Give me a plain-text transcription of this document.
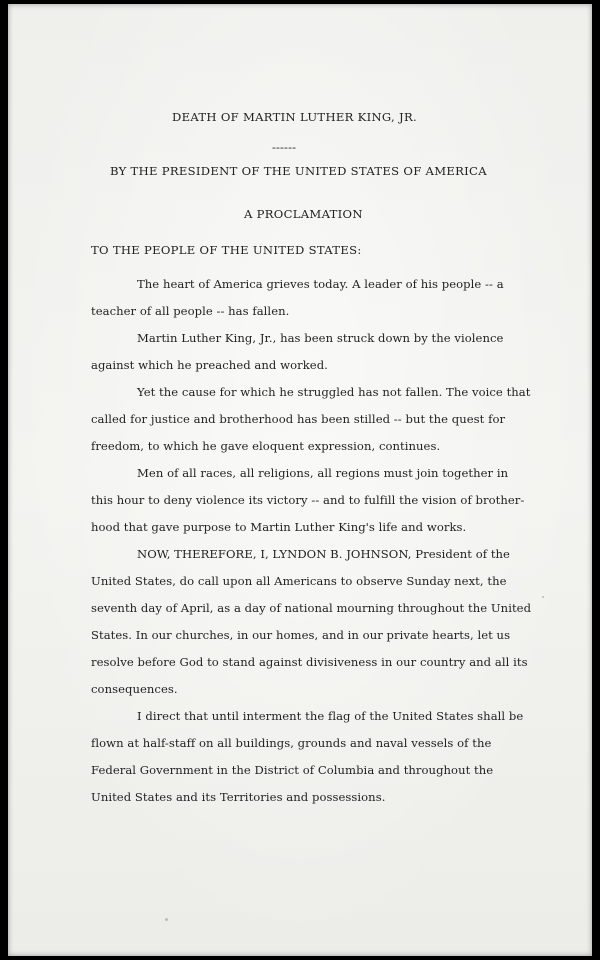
DEATH OF MARTIN LUTHER KING, JR.
------
BY THE PRESIDENT OF THE UNITED STATES OF AMERICA
A PROCLAMATION
TO THE PEOPLE OF THE UNITED STATES:
The heart of America grieves today. A leader of his people -- a
teacher of all people -- has fallen.
Martin Luther King, Jr., has been struck down by the violence
against which he preached and worked.
Yet the cause for which he struggled has not fallen. The voice that
called for justice and brotherhood has been stilled -- but the quest for
freedom, to which he gave eloquent expression, continues.
Men of all races, all religions, all regions must join together in
this hour to deny violence its victory -- and to fulfill the vision of brother-
hood that gave purpose to Martin Luther King's life and works.
NOW, THEREFORE, I, LYNDON B. JOHNSON, President of the
United States, do call upon all Americans to observe Sunday next, the
seventh day of April, as a day of national mourning throughout the United
States. In our churches, in our homes, and in our private hearts, let us
resolve before God to stand against divisiveness in our country and all its
consequences.
I direct that until interment the flag of the United States shall be
flown at half-staff on all buildings, grounds and naval vessels of the
Federal Government in the District of Columbia and throughout the
United States and its Territories and possessions.
